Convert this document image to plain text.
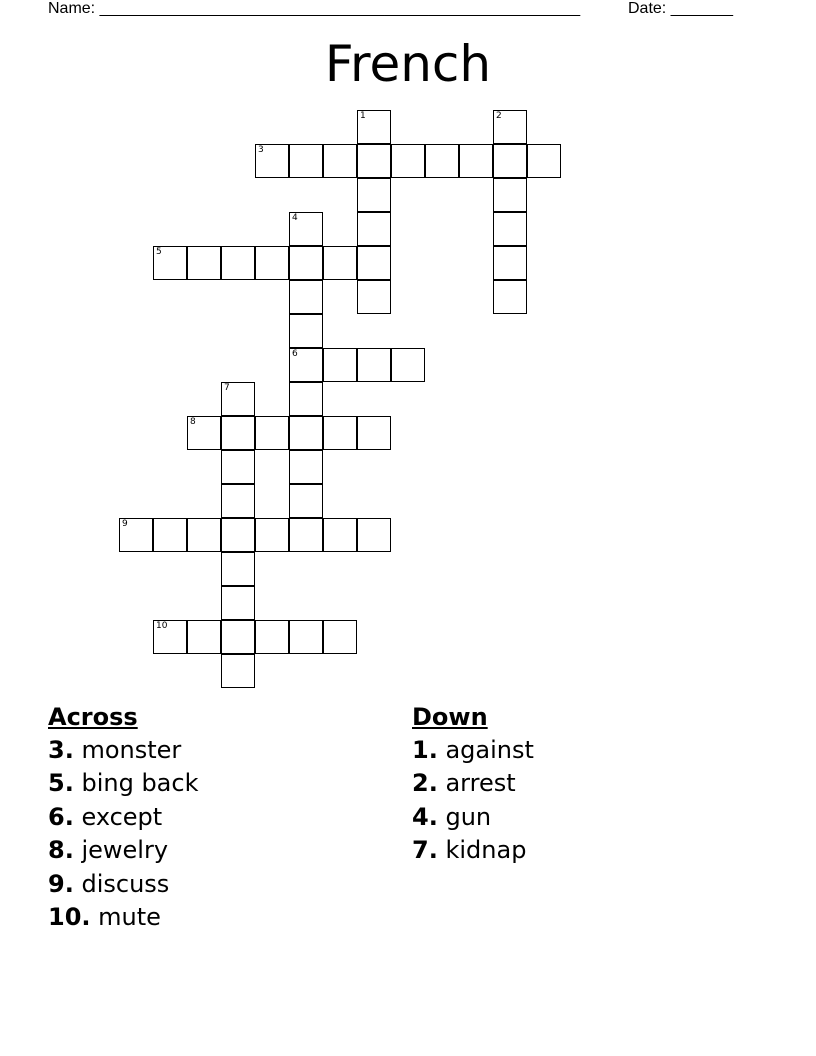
Name: ______________________________________________________	Date: _______
French
1	2
3
4
5
6
7
8
9
10
Across
3. monster
5. bing back
6. except
8. jewelry
9. discuss
10. mute
Down
1. against
2. arrest
4. gun
7. kidnap
